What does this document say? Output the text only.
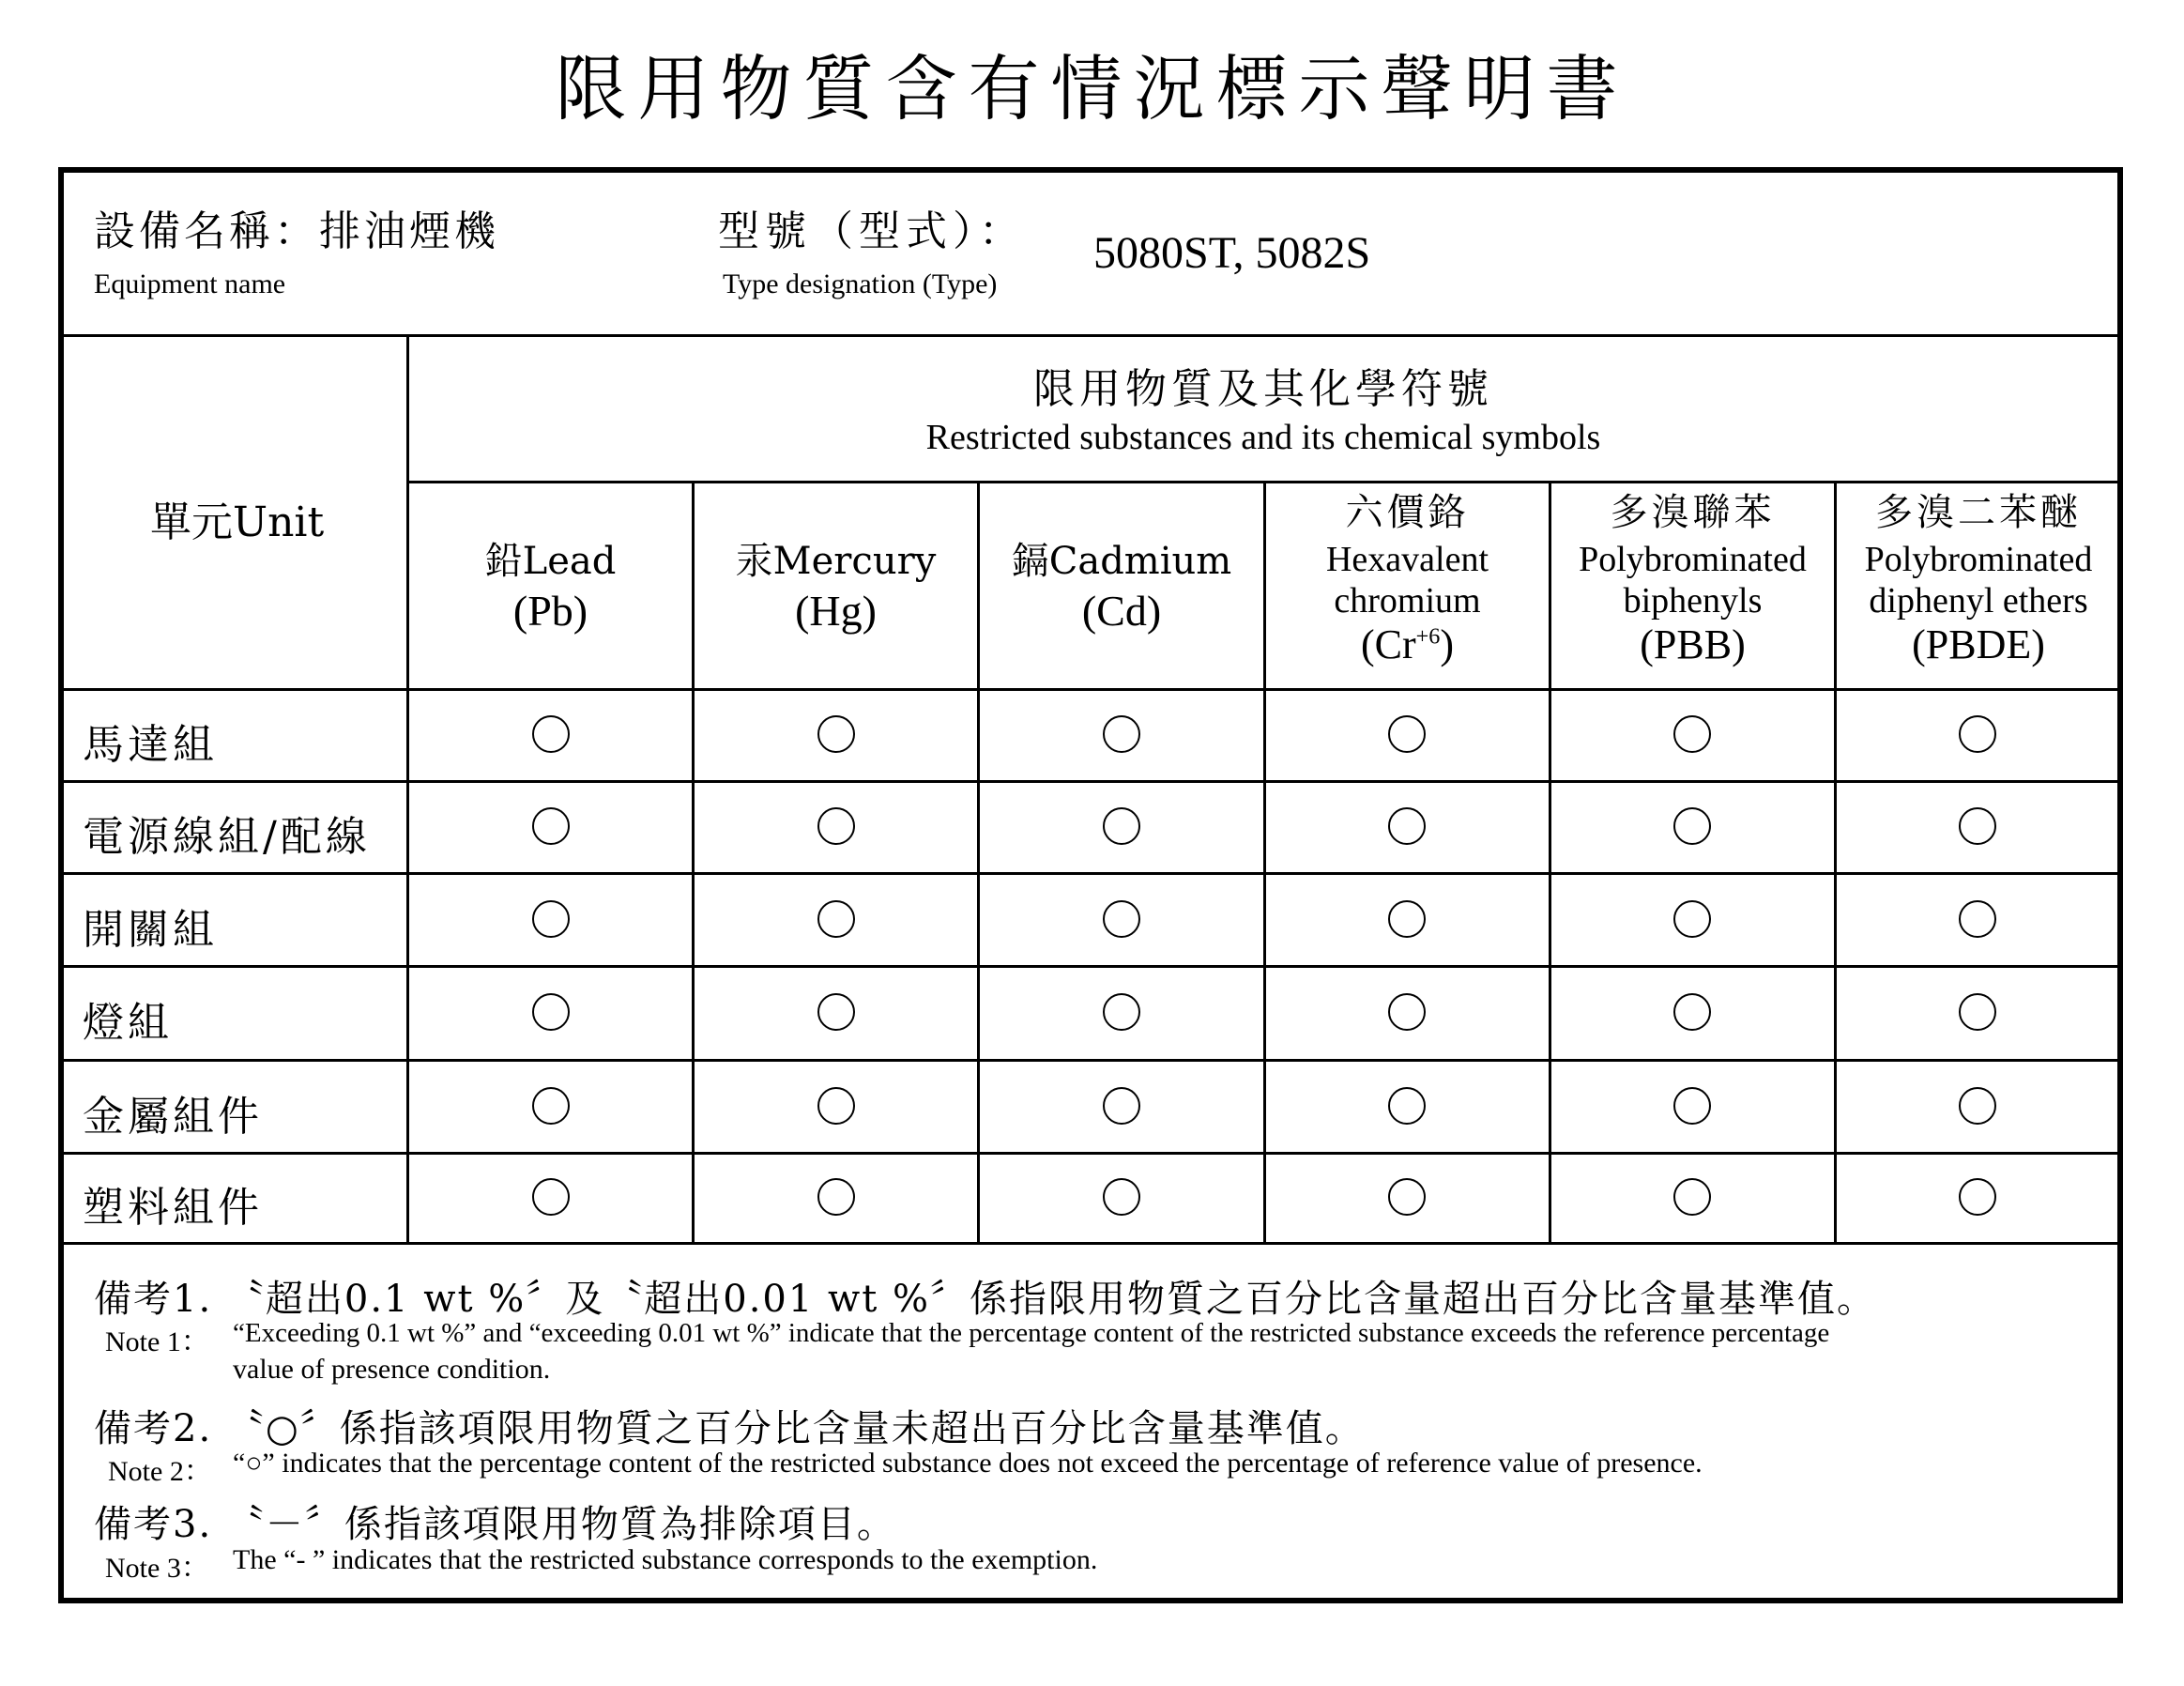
限用物質含有情況標示聲明書
設備名稱：排油煙機
Equipment name
型號（型式）：
Type designation (Type)
5080ST, 5082S
單元Unit
限用物質及其化學符號
Restricted substances and its chemical symbols
鉛Lead
(Pb)
汞Mercury
(Hg)
鎘Cadmium
(Cd)
六價鉻
Hexavalent
chromium
$(Cr^{+6})$
多溴聯苯
Polybrominated
biphenyls
(PBB)
多溴二苯醚
Polybrominated
diphenyl ethers
(PBDE)
馬達組
電源線組/配線
開關組
燈組
金屬組件
塑料組件
備考1. 〝超出0.1 wt %〞及〝超出0.01 wt %〞係指限用物質之百分比含量超出百分比含量基準值。
Note 1： “Exceeding 0.1 wt %” and “exceeding 0.01 wt %” indicate that the percentage content of the restricted substance exceeds the reference percentage
value of presence condition.
備考2. 〝○〞係指該項限用物質之百分比含量未超出百分比含量基準值。
Note 2： “○” indicates that the percentage content of the restricted substance does not exceed the percentage of reference value of presence.
備考3. 〝－〞係指該項限用物質為排除項目。
Note 3： The “- ” indicates that the restricted substance corresponds to the exemption.
